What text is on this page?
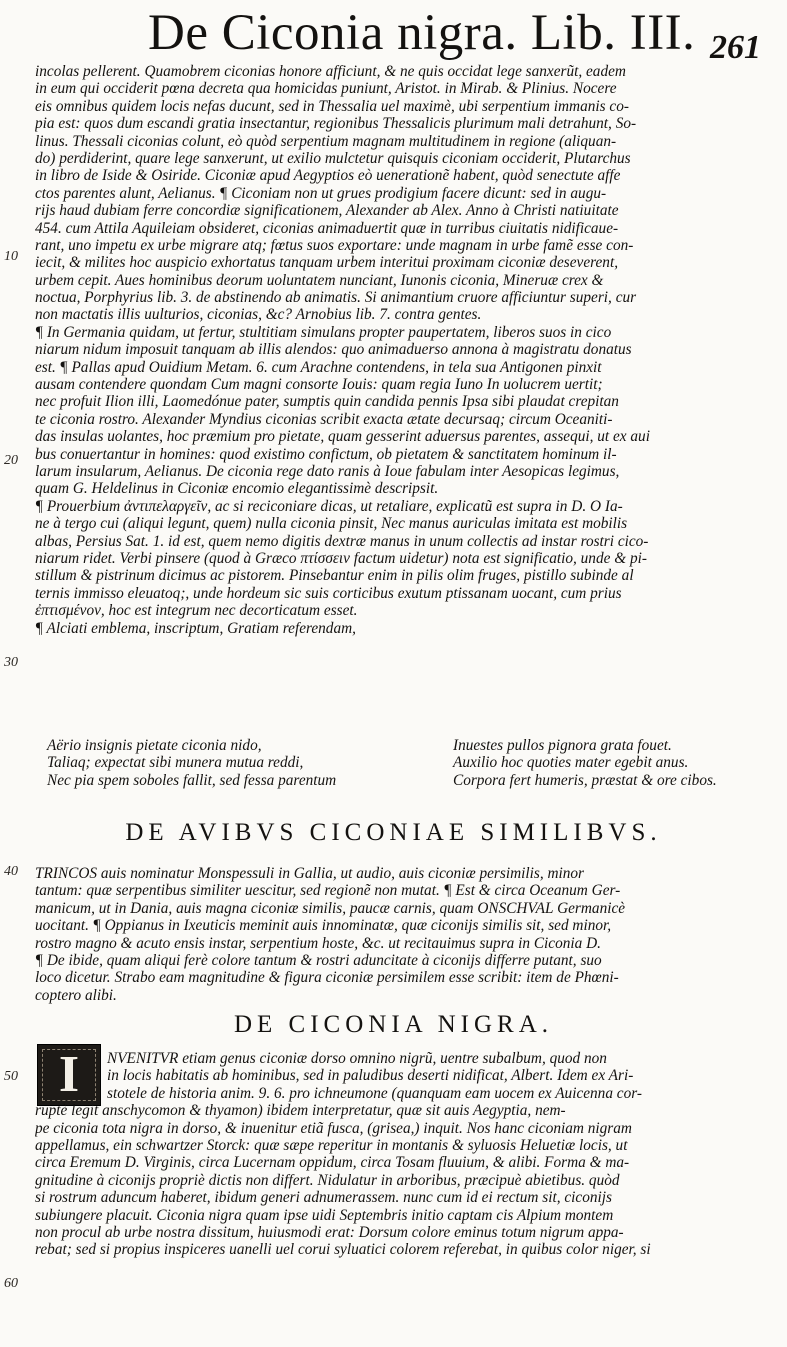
De Ciconia nigra. Lib. III. 261
10
20
30
40
50
60
incolas pellerent. Quamobrem ciconias honore afficiunt, & ne quis occidat lege sanxerũt, eadem
in eum qui occiderit pœna decreta qua homicidas puniunt, Aristot. in Mirab. & Plinius. Nocere
eis omnibus quidem locis nefas ducunt, sed in Thessalia uel maximè, ubi serpentium immanis co-
pia est: quos dum escandi gratia insectantur, regionibus Thessalicis plurimum mali detrahunt, So-
linus. Thessali ciconias colunt, eò quòd serpentium magnam multitudinem in regione (aliquan-
do) perdiderint, quare lege sanxerunt, ut exilio mulctetur quisquis ciconiam occiderit, Plutarchus
in libro de Iside & Osiride. Ciconiæ apud Aegyptios eò uenerationẽ habent, quòd senectute affe
ctos parentes alunt, Aelianus. ¶ Ciconiam non ut grues prodigium facere dicunt: sed in augu-
rijs haud dubiam ferre concordiæ significationem, Alexander ab Alex. Anno à Christi natiuitate
454. cum Attila Aquileiam obsideret, ciconias animaduertit quæ in turribus ciuitatis nidificaue-
rant, uno impetu ex urbe migrare atq; fœtus suos exportare: unde magnam in urbe famẽ esse con-
iecit, & milites hoc auspicio exhortatus tanquam urbem interitui proximam ciconiæ deseverent,
urbem cepit. Aues hominibus deorum uoluntatem nunciant, Iunonis ciconia, Mineruæ crex &
noctua, Porphyrius lib. 3. de abstinendo ab animatis. Si animantium cruore afficiuntur superi, cur
non mactatis illis uulturios, ciconias, &c? Arnobius lib. 7. contra gentes.
¶ In Germania quidam, ut fertur, stultitiam simulans propter paupertatem, liberos suos in cico
niarum nidum imposuit tanquam ab illis alendos: quo animaduerso annona à magistratu donatus
est. ¶ Pallas apud Ouidium Metam. 6. cum Arachne contendens, in tela sua Antigonen pinxit
ausam contendere quondam Cum magni consorte Iouis: quam regia Iuno In uolucrem uertit;
nec profuit Ilion illi, Laomedónue pater, sumptis quin candida pennis Ipsa sibi plaudat crepitan
te ciconia rostro. Alexander Myndius ciconias scribit exacta ætate decursaq; circum Oceaniti-
das insulas uolantes, hoc præmium pro pietate, quam gesserint aduersus parentes, assequi, ut ex aui
bus conuertantur in homines: quod existimo confictum, ob pietatem & sanctitatem hominum il-
larum insularum, Aelianus. De ciconia rege dato ranis à Ioue fabulam inter Aesopicas legimus,
quam G. Heldelinus in Ciconiæ encomio elegantissimè descripsit.
¶ Prouerbium ἀντιπελαργεῖν, ac si reciconiare dicas, ut retaliare, explicatũ est supra in D. O Ia-
ne à tergo cui (aliqui legunt, quem) nulla ciconia pinsit, Nec manus auriculas imitata est mobilis
albas, Persius Sat. 1. id est, quem nemo digitis dextræ manus in unum collectis ad instar rostri cico-
niarum ridet. Verbi pinsere (quod à Græco πτίσσειν factum uidetur) nota est significatio, unde & pi-
stillum & pistrinum dicimus ac pistorem. Pinsebantur enim in pilis olim fruges, pistillo subinde al
ternis immisso eleuatoq;, unde hordeum sic suis corticibus exutum ptissanam uocant, cum prius
ἐπτισμένον, hoc est integrum nec decorticatum esset.
¶ Alciati emblema, inscriptum, Gratiam referendam,
Aërio insignis pietate ciconia nido,	Inuestes pullos pignora grata fouet.
Taliaq; expectat sibi munera mutua reddi,	Auxilio hoc quoties mater egebit anus.
Nec pia spem soboles fallit, sed fessa parentum	Corpora fert humeris, præstat & ore cibos.
DE AVIBVS CICONIAE SIMILIBVS.
TRINCOS auis nominatur Monspessuli in Gallia, ut audio, auis ciconiæ persimilis, minor
tantum: quæ serpentibus similiter uescitur, sed regionẽ non mutat. ¶ Est & circa Oceanum Ger-
manicum, ut in Dania, auis magna ciconiæ similis, paucæ carnis, quam ONSCHVAL Germanicè
uocitant. ¶ Oppianus in Ixeuticis meminit auis innominatæ, quæ ciconijs similis sit, sed minor,
rostro magno & acuto ensis instar, serpentium hoste, &c. ut recitauimus supra in Ciconia D.
¶ De ibide, quam aliqui ferè colore tantum & rostri aduncitate à ciconijs differre putant, suo
loco dicetur. Strabo eam magnitudine & figura ciconiæ persimilem esse scribit: item de Phœni-
coptero alibi.
DE CICONIA NIGRA.
I	NVENITVR etiam genus ciconiæ dorso omnino nigrũ, uentre subalbum, quod non
in locis habitatis ab hominibus, sed in paludibus deserti nidificat, Albert. Idem ex Ari-
stotele de historia anim. 9. 6. pro ichneumone (quanquam eam uocem ex Auicenna cor-
ruptè legit anschycomon & thyamon) ibidem interpretatur, quæ sit auis Aegyptia, nem-
pe ciconia tota nigra in dorso, & inuenitur etiã fusca, (grisea,) inquit. Nos hanc ciconiam nigram
appellamus, ein schwartzer Storck: quæ sæpe reperitur in montanis & syluosis Heluetiæ locis, ut
circa Eremum D. Virginis, circa Lucernam oppidum, circa Tosam fluuium, & alibi. Forma & ma-
gnitudine à ciconijs propriè dictis non differt. Nidulatur in arboribus, præcipuè abietibus. quòd
si rostrum aduncum haberet, ibidum generi adnumerassem. nunc cum id ei rectum sit, ciconijs
subiungere placuit. Ciconia nigra quam ipse uidi Septembris initio captam cis Alpium montem
non procul ab urbe nostra dissitum, huiusmodi erat: Dorsum colore eminus totum nigrum appa-
rebat; sed si propius inspiceres uanelli uel corui syluatici colorem referebat, in quibus color niger, si
